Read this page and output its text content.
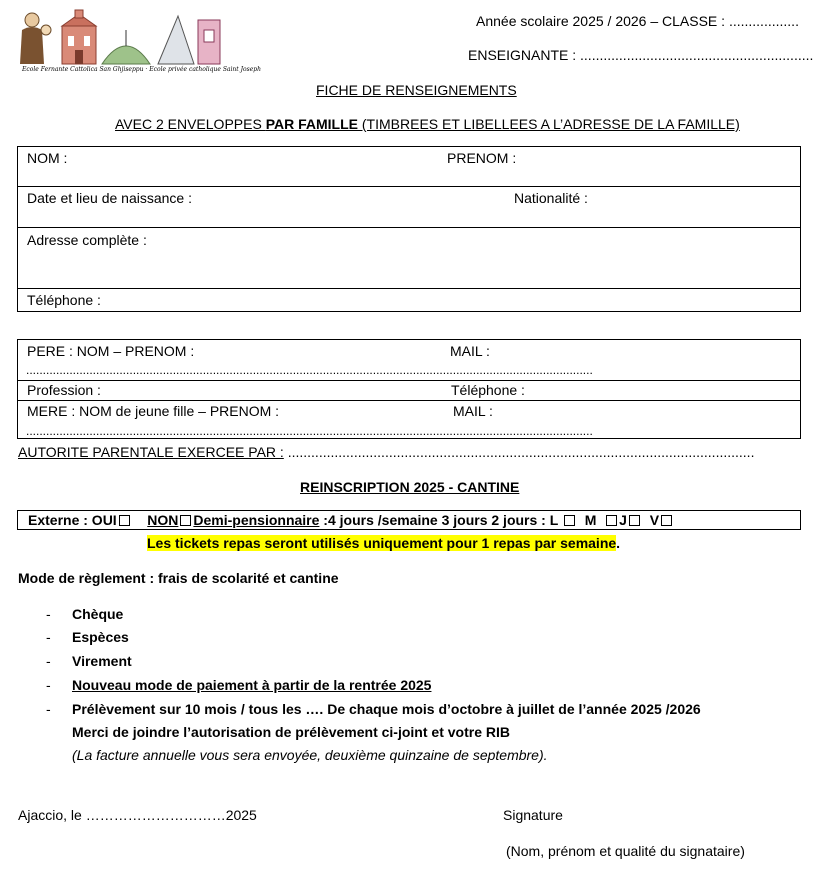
Ecole Fernante Cattolica San Ghjiseppu · Ecole privée catholique Saint Joseph
Année scolaire 2025 / 2026 – CLASSE : ..................
ENSEIGNANTE : ............................................................
FICHE DE RENSEIGNEMENTS
AVEC 2 ENVELOPPES PAR FAMILLE (TIMBREES ET LIBELLEES A L’ADRESSE DE LA FAMILLE)
NOM :	PRENOM :
Date et lieu de naissance :	Nationalité :
Adresse complète :
Téléphone :
PERE : NOM – PRENOM :	MAIL :
..........................................................................................................................................................................
Profession :	Téléphone :
MERE : NOM de jeune fille – PRENOM :	MAIL :
..........................................................................................................................................................................
AUTORITE PARENTALE EXERCEE PAR : ........................................................................................................................
REINSCRIPTION 2025 - CANTINE
Externe : OUI NON Demi-pensionnaire :4 jours /semaine 3 jours 2 jours : L M J V
Les tickets repas seront utilisés uniquement pour 1 repas par semaine.
Mode de règlement : frais de scolarité et cantine
- Chèque
- Espèces
- Virement
- Nouveau mode de paiement à partir de la rentrée 2025
- Prélèvement sur 10 mois / tous les …. De chaque mois d’octobre à juillet de l’année 2025 /2026
Merci de joindre l’autorisation de prélèvement ci-joint et votre RIB
(La facture annuelle vous sera envoyée, deuxième quinzaine de septembre).
Ajaccio, le …………………………2025	Signature
(Nom, prénom et qualité du signataire)
